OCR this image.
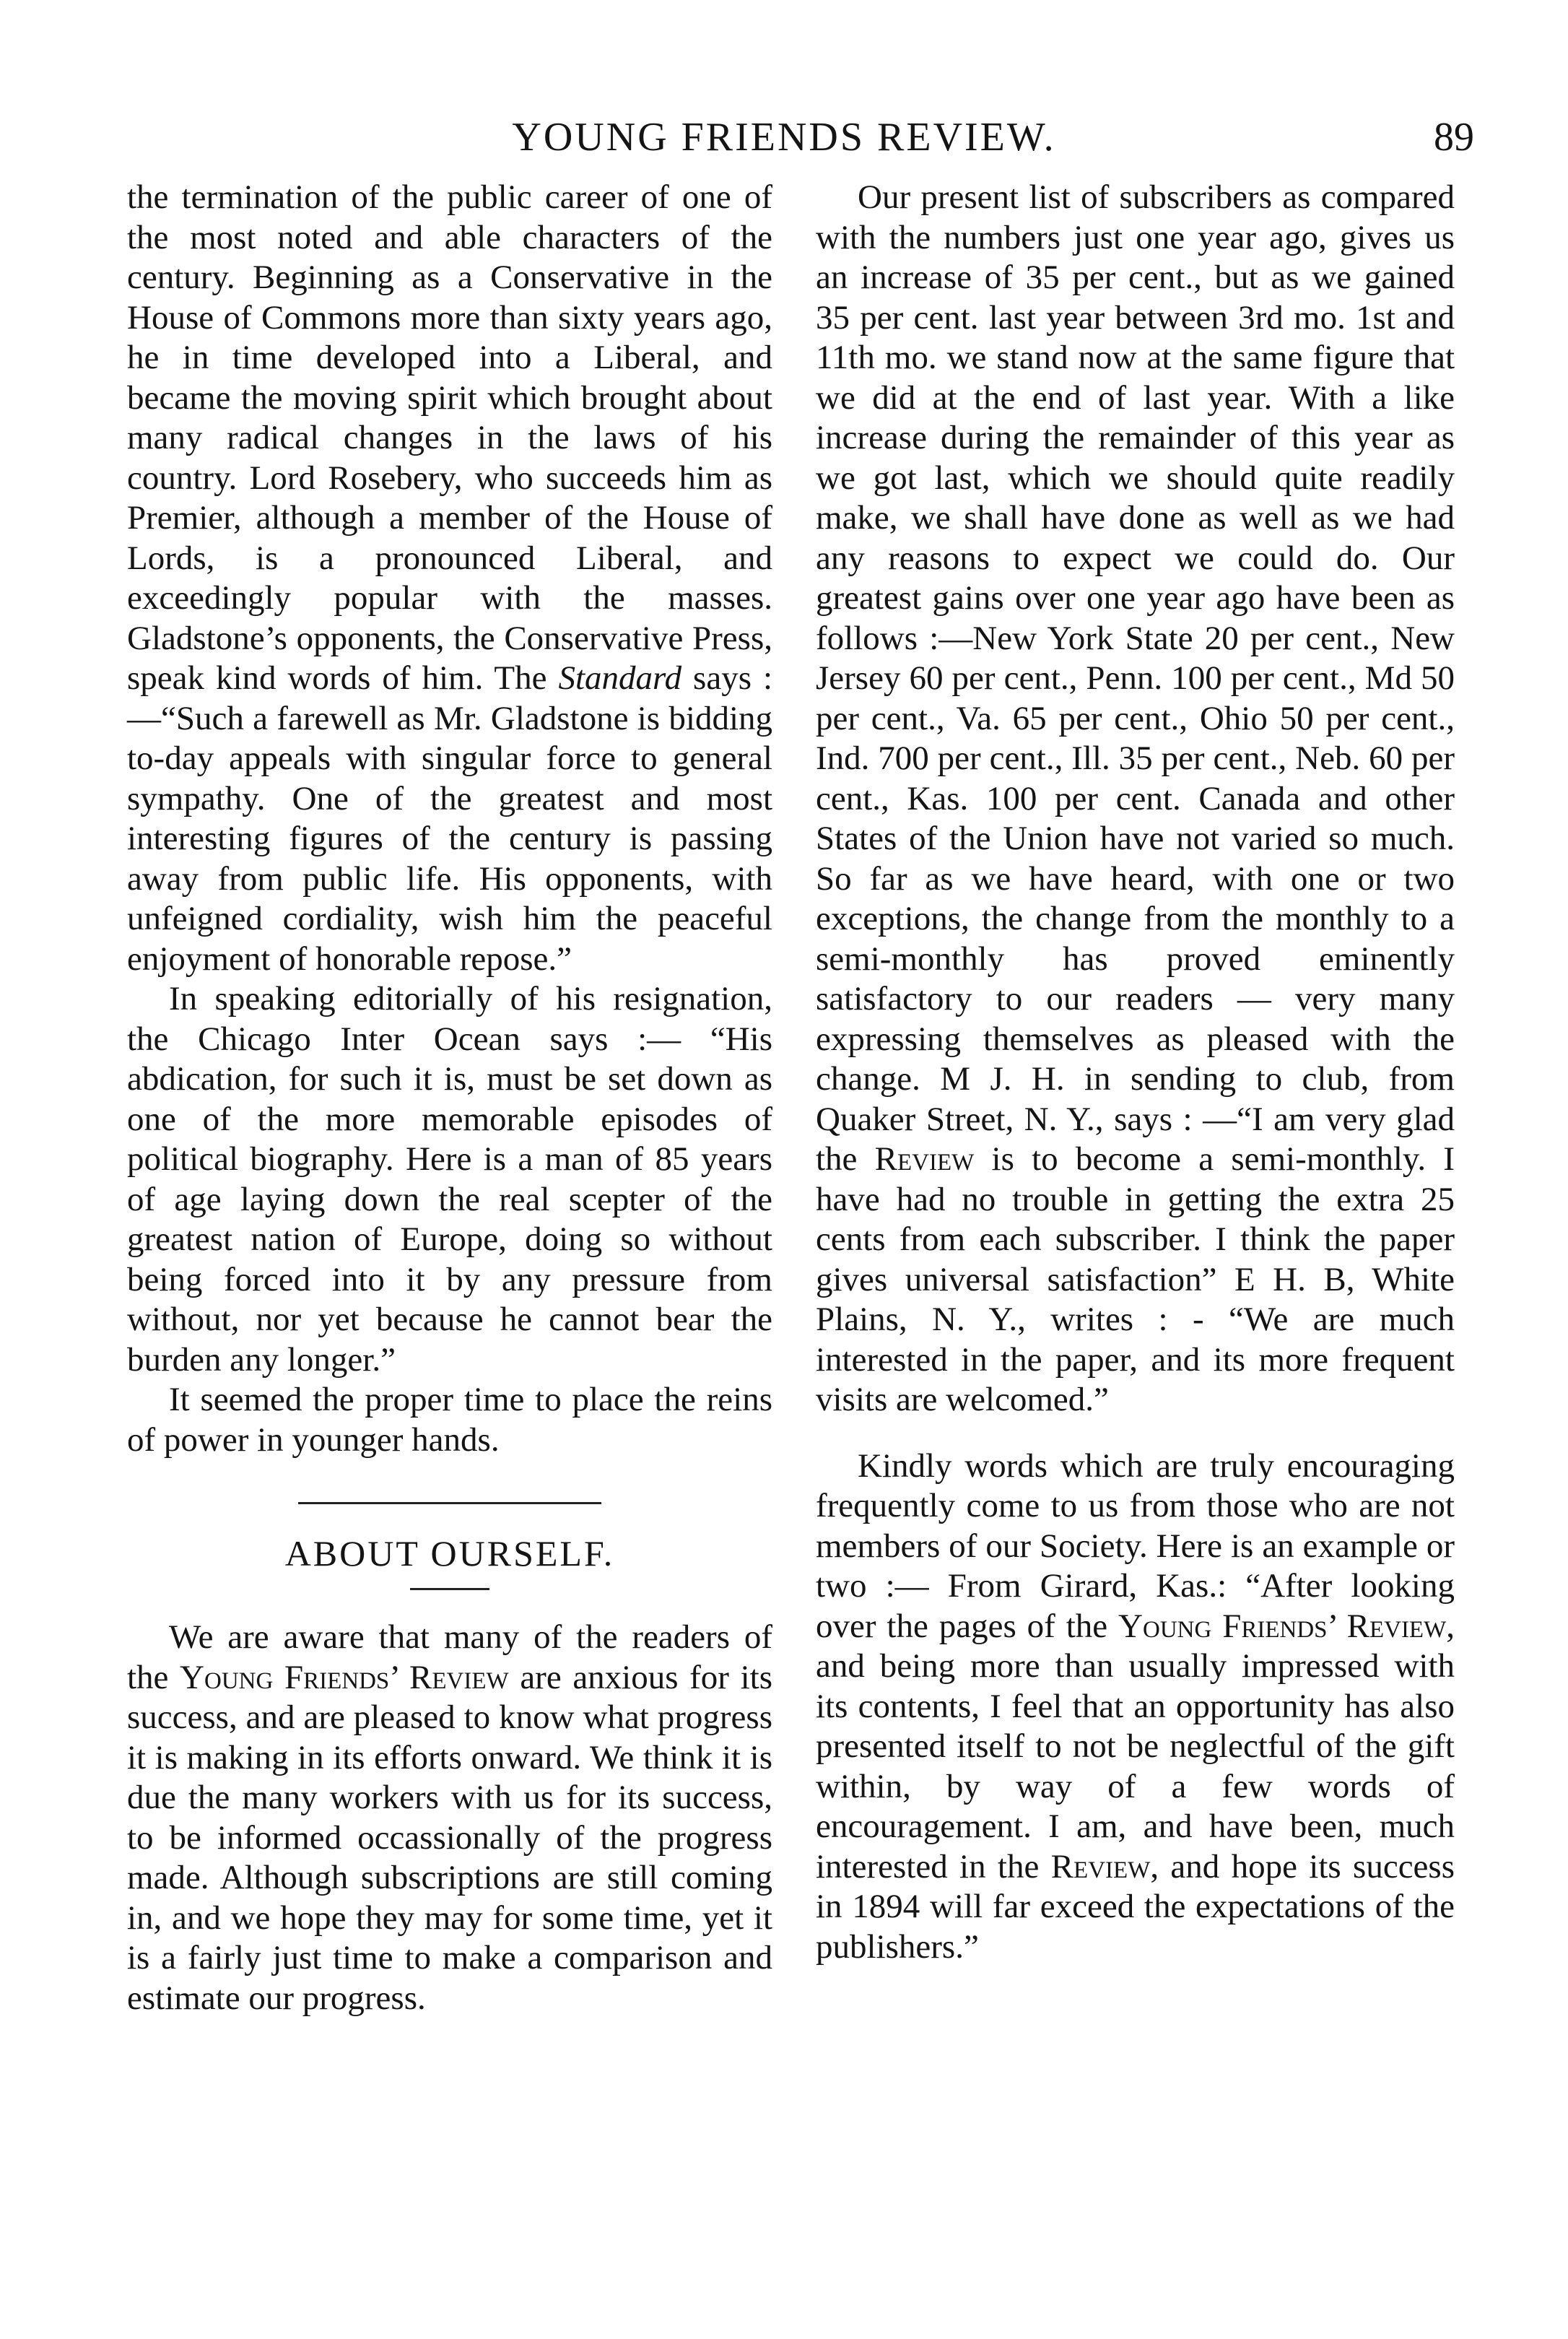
YOUNG FRIENDS REVIEW.	89

the termination of the public career of one of the most noted and able characters of the century. Beginning as a Conservative in the House of Commons more than sixty years ago, he in time developed into a Liberal, and became the moving spirit which brought about many radical changes in the laws of his country. Lord Rosebery, who succeeds him as Premier, although a member of the House of Lords, is a pronounced Liberal, and exceedingly popular with the masses. Gladstone’s opponents, the Conservative Press, speak kind words of him. The Standard says :—“Such a farewell as Mr. Gladstone is bidding to-day appeals with singular force to general sympathy. One of the greatest and most interesting figures of the century is passing away from public life. His opponents, with unfeigned cordiality, wish him the peaceful enjoyment of honorable repose.”

In speaking editorially of his resignation, the Chicago Inter Ocean says :— “His abdication, for such it is, must be set down as one of the more memorable episodes of political biography. Here is a man of 85 years of age laying down the real scepter of the greatest nation of Europe, doing so without being forced into it by any pressure from without, nor yet because he cannot bear the burden any longer.”

It seemed the proper time to place the reins of power in younger hands.

ABOUT OURSELF.

We are aware that many of the readers of the Young Friends’ Review are anxious for its success, and are pleased to know what progress it is making in its efforts onward. We think it is due the many workers with us for its success, to be informed occassionally of the progress made. Although subscriptions are still coming in, and we hope they may for some time, yet it is a fairly just time to make a comparison and estimate our progress.

Our present list of subscribers as compared with the numbers just one year ago, gives us an increase of 35 per cent., but as we gained 35 per cent. last year between 3rd mo. 1st and 11th mo. we stand now at the same figure that we did at the end of last year. With a like increase during the remainder of this year as we got last, which we should quite readily make, we shall have done as well as we had any reasons to expect we could do. Our greatest gains over one year ago have been as follows :—New York State 20 per cent., New Jersey 60 per cent., Penn. 100 per cent., Md 50 per cent., Va. 65 per cent., Ohio 50 per cent., Ind. 700 per cent., Ill. 35 per cent., Neb. 60 per cent., Kas. 100 per cent. Canada and other States of the Union have not varied so much. So far as we have heard, with one or two exceptions, the change from the monthly to a semi-monthly has proved eminently satisfactory to our readers — very many expressing themselves as pleased with the change. M J. H. in sending to club, from Quaker Street, N. Y., says : —“I am very glad the Review is to become a semi-monthly. I have had no trouble in getting the extra 25 cents from each subscriber. I think the paper gives universal satisfaction” E H. B, White Plains, N. Y., writes : - “We are much interested in the paper, and its more frequent visits are welcomed.”

Kindly words which are truly encouraging frequently come to us from those who are not members of our Society. Here is an example or two :— From Girard, Kas.: “After looking over the pages of the Young Friends’ Review, and being more than usually impressed with its contents, I feel that an opportunity has also presented itself to not be neglectful of the gift within, by way of a few words of encouragement. I am, and have been, much interested in the Review, and hope its success in 1894 will far exceed the expectations of the publishers.”
